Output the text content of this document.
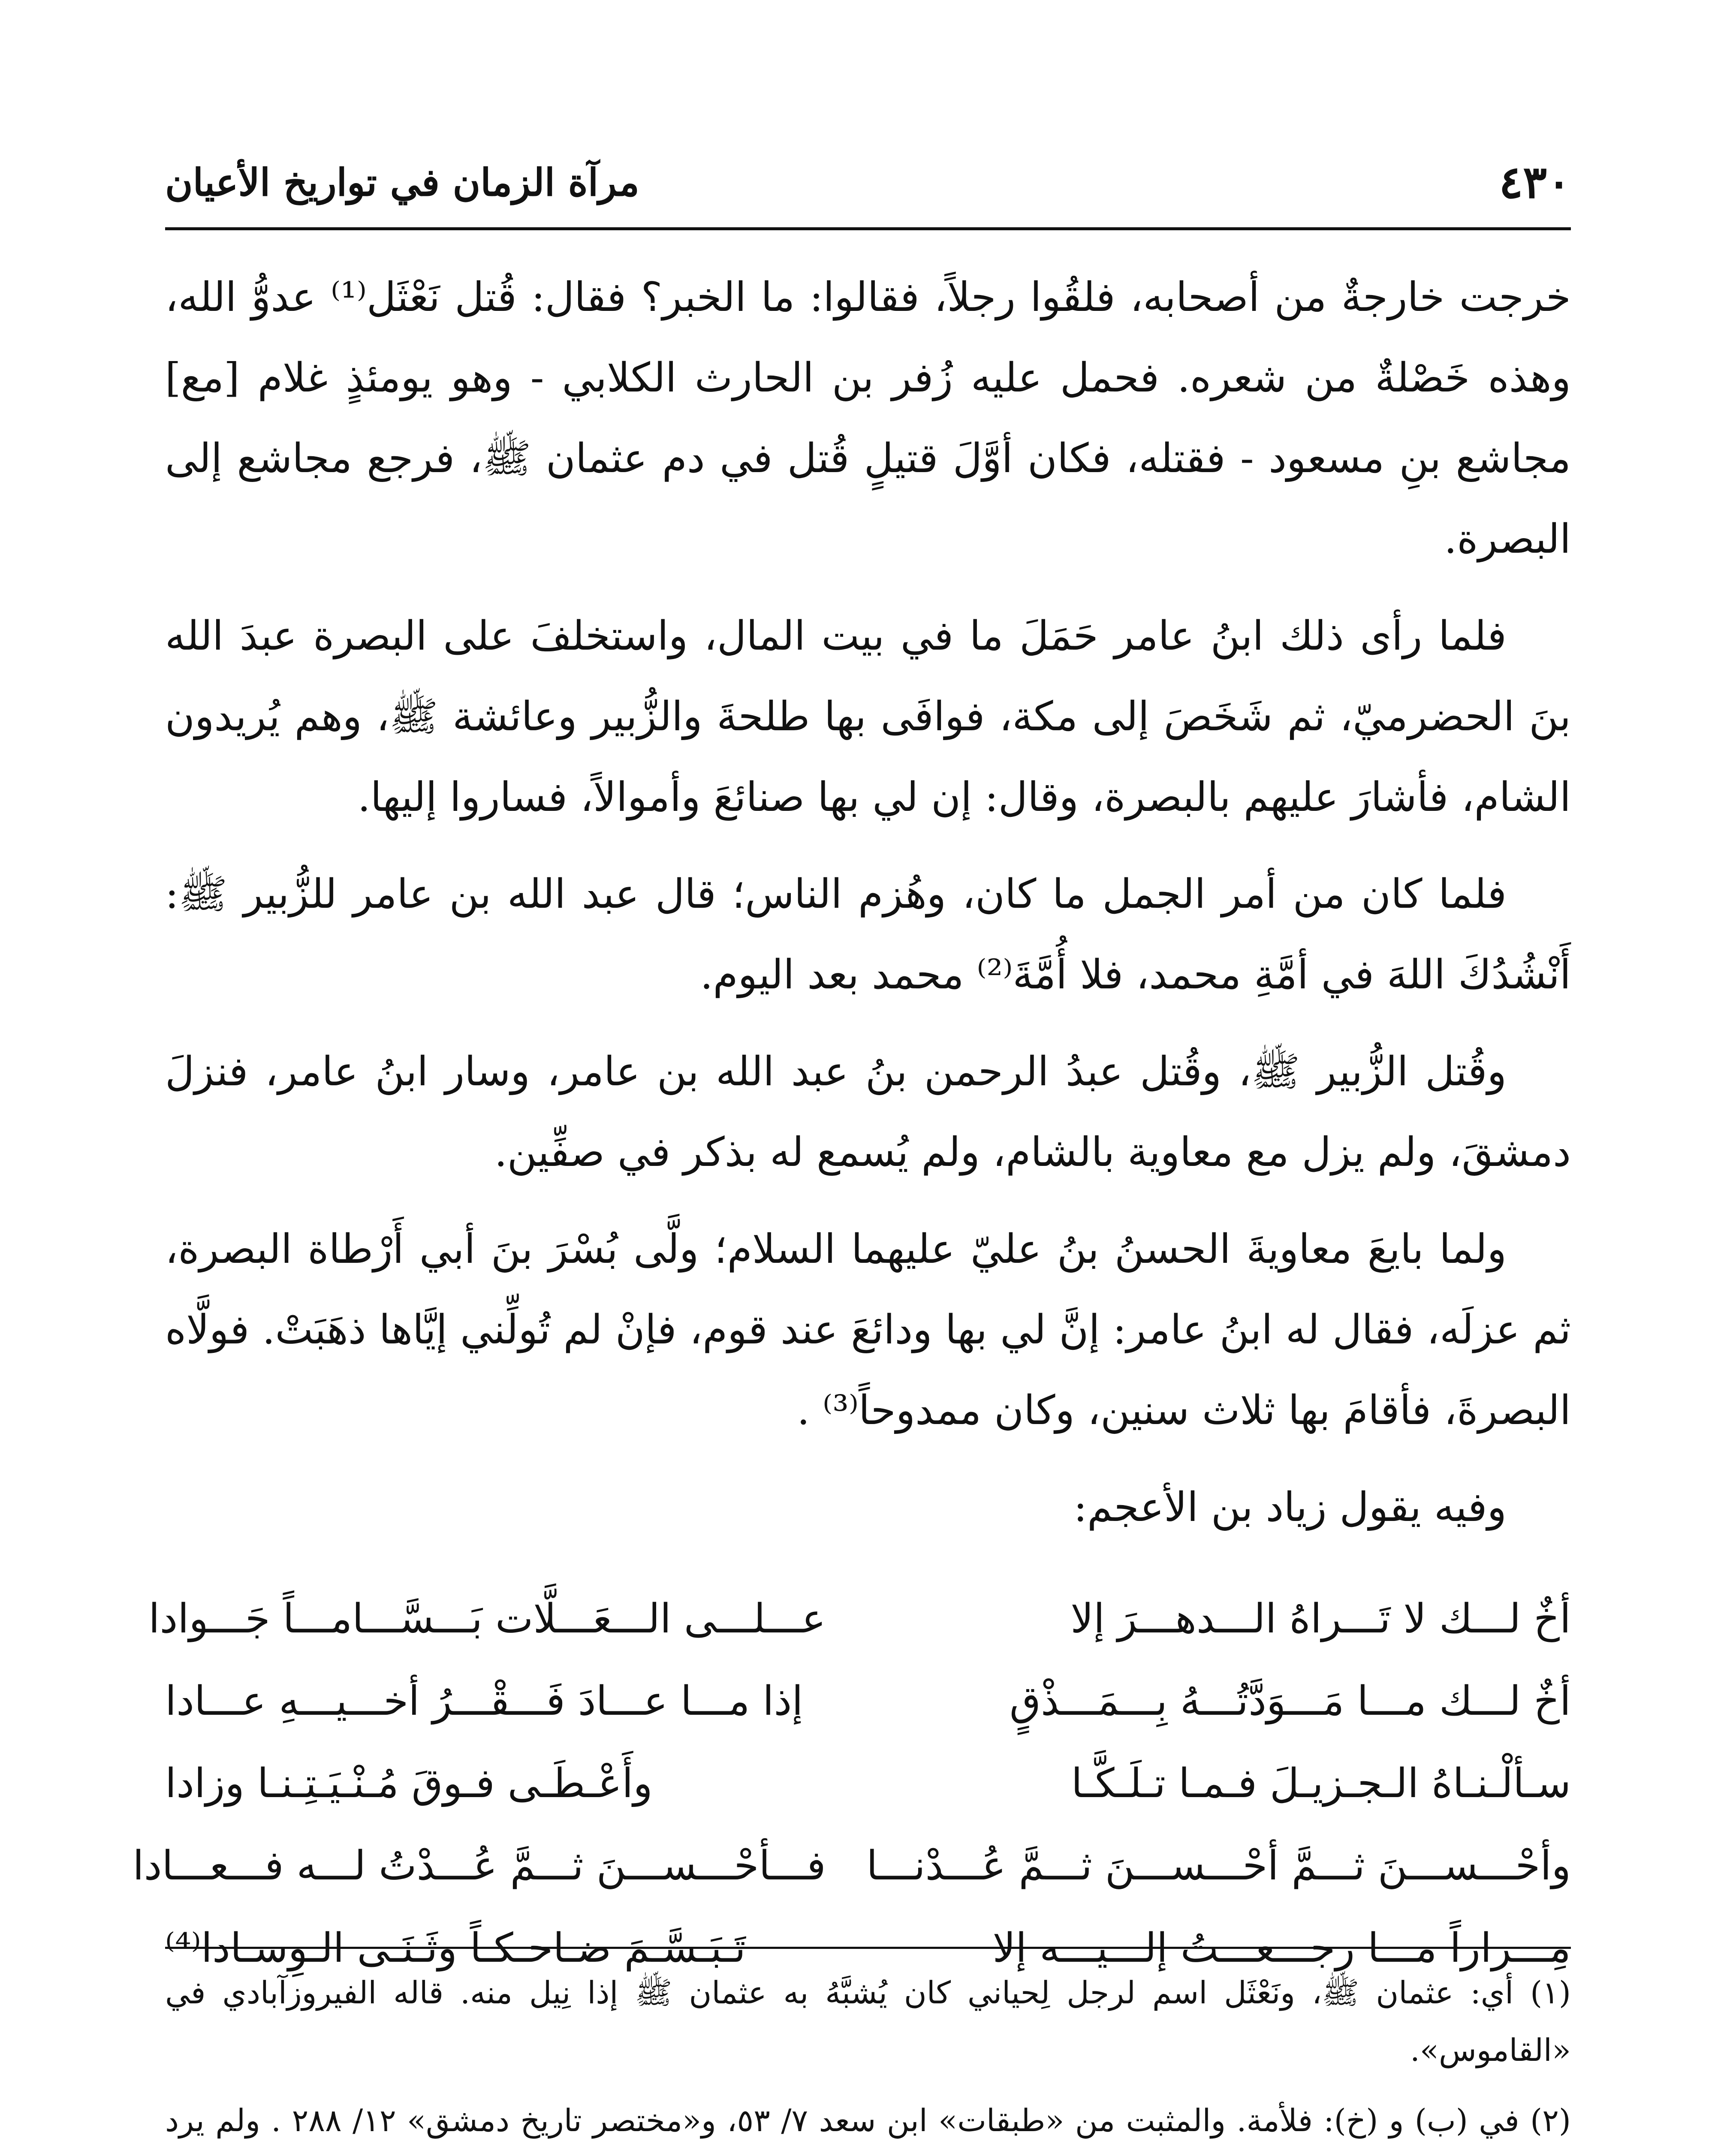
٤٣٠
مرآة الزمان في تواريخ الأعيان

خرجت خارجةٌ من أصحابه، فلقُوا رجلاً، فقالوا: ما الخبر؟ فقال: قُتل نَعْثَل⁽¹⁾ عدوُّ الله، وهذه خَصْلةٌ من شعره. فحمل عليه زُفر بن الحارث الكلابي - وهو يومئذٍ غلام [مع] مجاشع بنِ مسعود - فقتله، فكان أوَّلَ قتيلٍ قُتل في دم عثمان ﷺ، فرجع مجاشع إلى البصرة.

فلما رأى ذلك ابنُ عامر حَمَلَ ما في بيت المال، واستخلفَ على البصرة عبدَ الله بنَ الحضرميّ، ثم شَخَصَ إلى مكة، فوافَى بها طلحةَ والزُّبير وعائشة ﷺ، وهم يُريدون الشام، فأشارَ عليهم بالبصرة، وقال: إن لي بها صنائعَ وأموالاً، فساروا إليها.

فلما كان من أمر الجمل ما كان، وهُزم الناس؛ قال عبد الله بن عامر للزُّبير ﷺ: أَنْشُدُكَ اللهَ في أمَّةِ محمد، فلا أُمَّةَ⁽²⁾ محمد بعد اليوم.

وقُتل الزُّبير ﷺ، وقُتل عبدُ الرحمن بنُ عبد الله بن عامر، وسار ابنُ عامر، فنزلَ دمشقَ، ولم يزل مع معاوية بالشام، ولم يُسمع له بذكر في صفِّين.

ولما بايعَ معاويةَ الحسنُ بنُ عليّ عليهما السلام؛ ولَّى بُسْرَ بنَ أبي أَرْطاة البصرة، ثم عزلَه، فقال له ابنُ عامر: إنَّ لي بها ودائعَ عند قوم، فإنْ لم تُولِّني إيَّاها ذهَبَتْ. فولَّاه البصرةَ، فأقامَ بها ثلاث سنين، وكان ممدوحاً⁽³⁾ .

وفيه يقول زياد بن الأعجم:

أخٌ لـــك لا تَـــراهُ الـــدهـــرَ إلا
عـــلـــى الـــعَـــلَّات بَـــسَّـــامـــاً جَـــوادا
أخٌ لـــك مـــا مَـــوَدَّتُـــهُ بِـــمَـــذْقٍ
إذا مـــا عـــادَ فَـــقْـــرُ أخـــيـــهِ عـــادا
سـألْـنـاهُ الـجـزيـلَ فـمـا تـلَـكَّـا
وأَعْـطَـى فـوقَ مُـنْـيَـتِـنـا وزادا
وأحْـــســـنَ ثـــمَّ أحْـــســـنَ ثـــمَّ عُـــدْنـــا
فـــأحْـــســـنَ ثـــمَّ عُـــدْتُ لـــه فـــعـــادا
مِـــراراً مـــا رجـــعـــتُ إلـــيـــه إلا
تَـبَـسَّـمَ ضـاحـكـاً وثَـنَـى الـوِسـادا⁽⁴⁾

(١) أي: عثمان ﷺ، ونَعْثَل اسم لرجل لِحياني كان يُشبَّهُ به عثمان ﷺ إذا نِيل منه. قاله الفيروزآبادي في «القاموس».

(٢) في (ب) و (خ): فلأمة. والمثبت من «طبقات» ابن سعد ٧/ ٥٣، و«مختصر تاريخ دمشق» ١٢/ ٢٨٨ . ولم يرد
